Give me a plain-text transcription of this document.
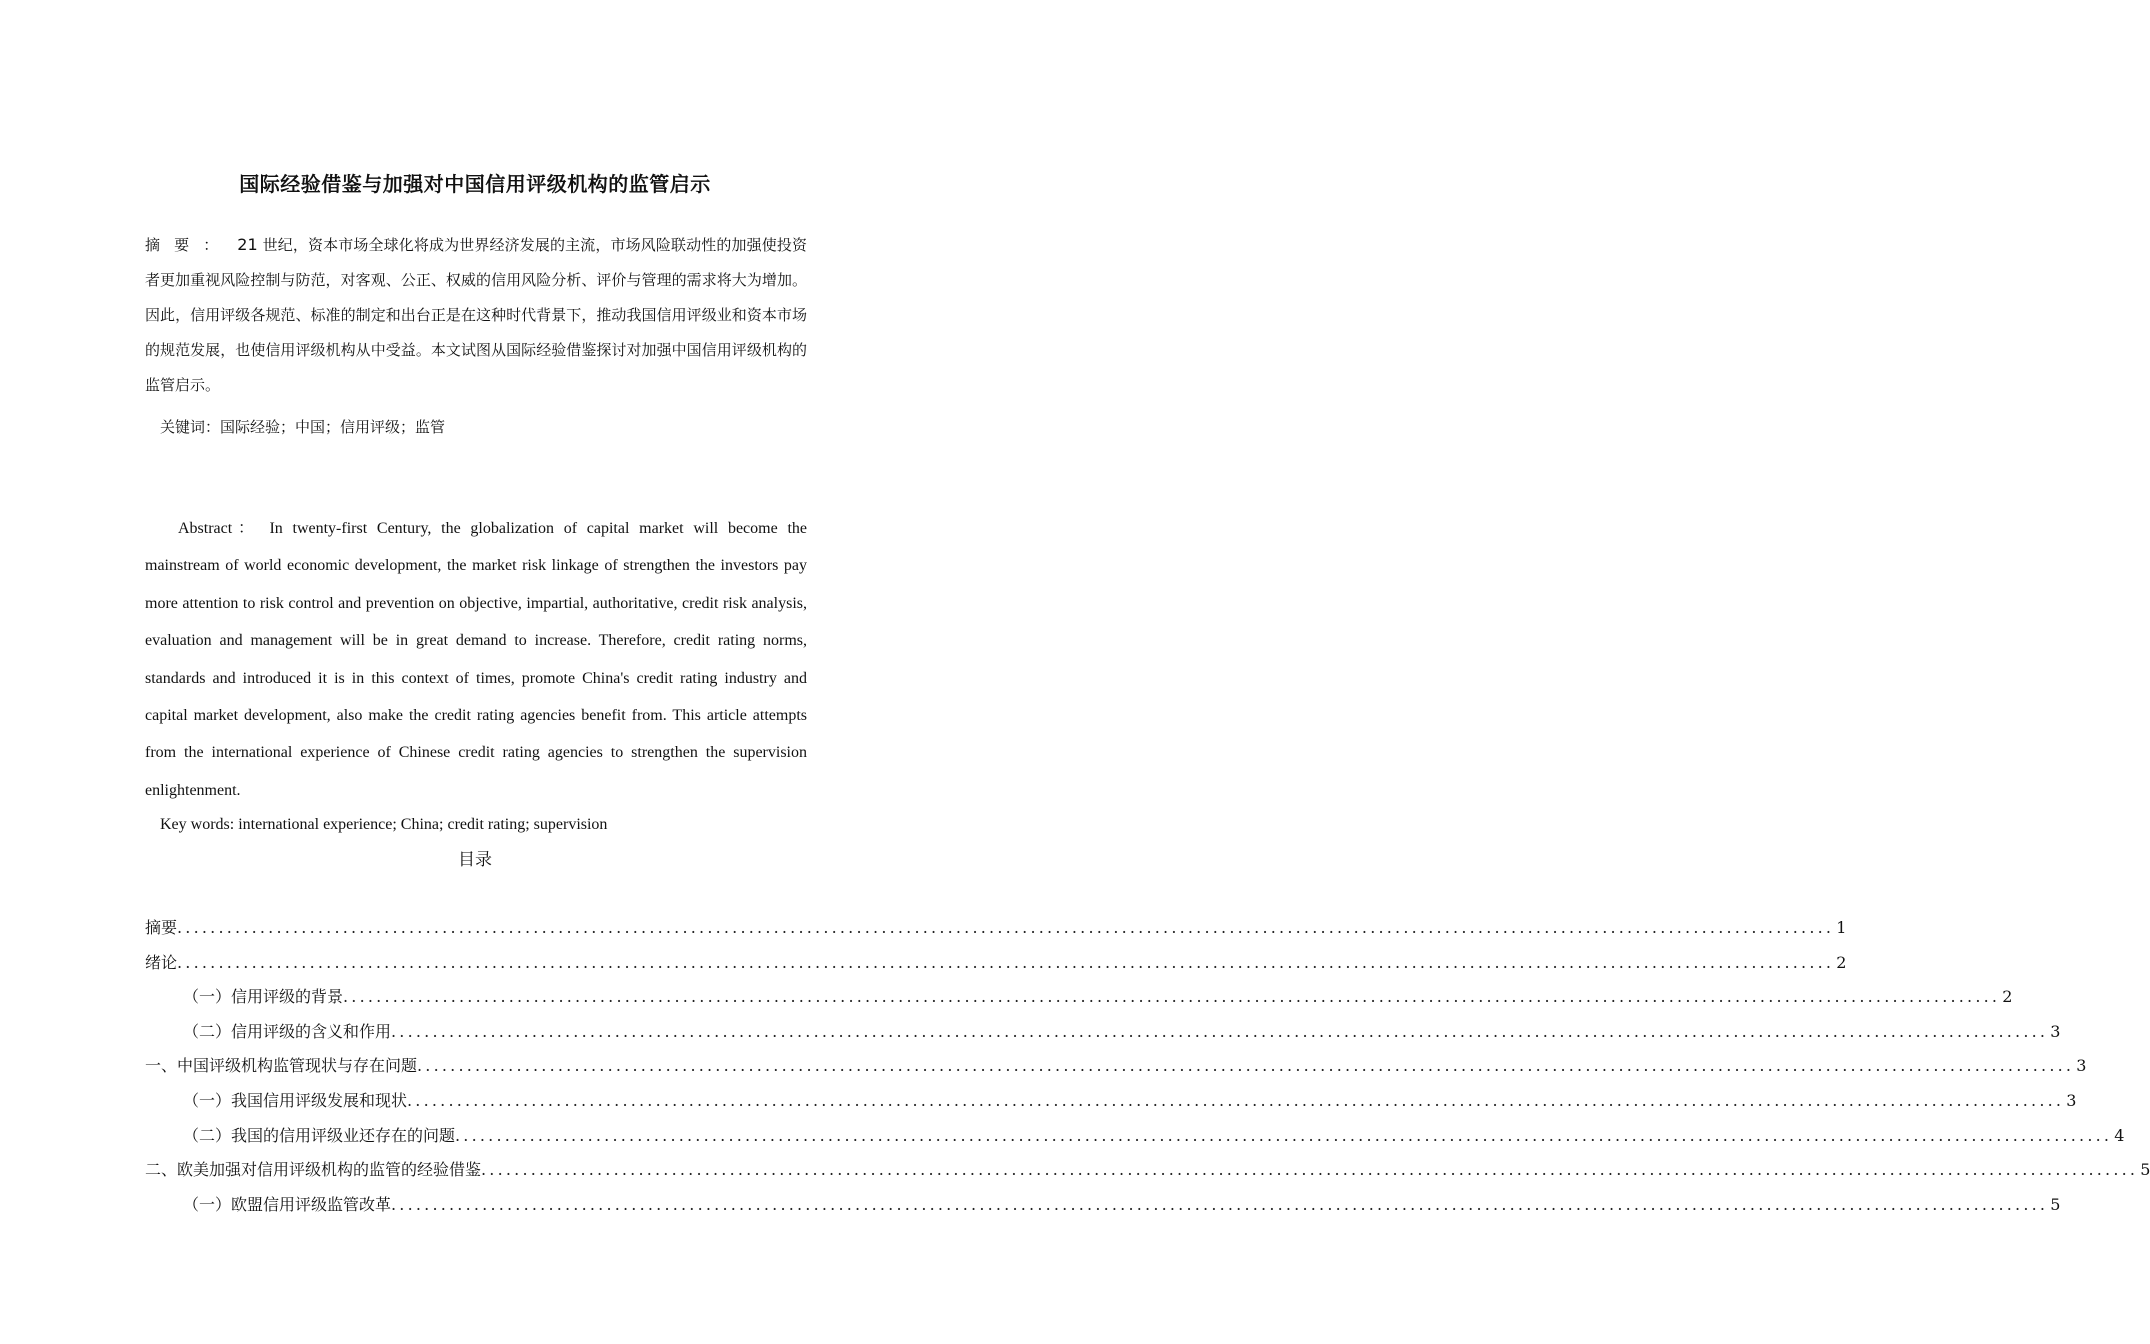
国际经验借鉴与加强对中国信用评级机构的监管启示
摘要： 21 世纪，资本市场全球化将成为世界经济发展的主流，市场风险联动性的加强使投资者更加重视风险控制与防范，对客观、公正、权威的信用风险分析、评价与管理的需求将大为增加。因此，信用评级各规范、标准的制定和出台正是在这种时代背景下，推动我国信用评级业和资本市场的规范发展，也使信用评级机构从中受益。本文试图从国际经验借鉴探讨对加强中国信用评级机构的监管启示。
关键词：国际经验；中国；信用评级；监管
Abstract： In twenty-first Century, the globalization of capital market will become the mainstream of world economic development, the market risk linkage of strengthen the investors pay more attention to risk control and prevention on objective, impartial, authoritative, credit risk analysis, evaluation and management will be in great demand to increase. Therefore, credit rating norms, standards and introduced it is in this context of times, promote China's credit rating industry and capital market development, also make the credit rating agencies benefit from. This article attempts from the international experience of Chinese credit rating agencies to strengthen the supervision enlightenment.
Key words: international experience; China; credit rating; supervision
目录
摘要 ........................................................................................................................................................................................................ 1
绪论 ........................................................................................................................................................................................................ 2
（一）信用评级的背景 ........................................................................................................................................................................................................ 2
（二）信用评级的含义和作用 ........................................................................................................................................................................................................ 3
一、中国评级机构监管现状与存在问题 ........................................................................................................................................................................................................ 3
（一）我国信用评级发展和现状 ........................................................................................................................................................................................................ 3
（二）我国的信用评级业还存在的问题 ........................................................................................................................................................................................................ 4
二、欧美加强对信用评级机构的监管的经验借鉴 ........................................................................................................................................................................................................ 5
（一）欧盟信用评级监管改革 ........................................................................................................................................................................................................ 5
